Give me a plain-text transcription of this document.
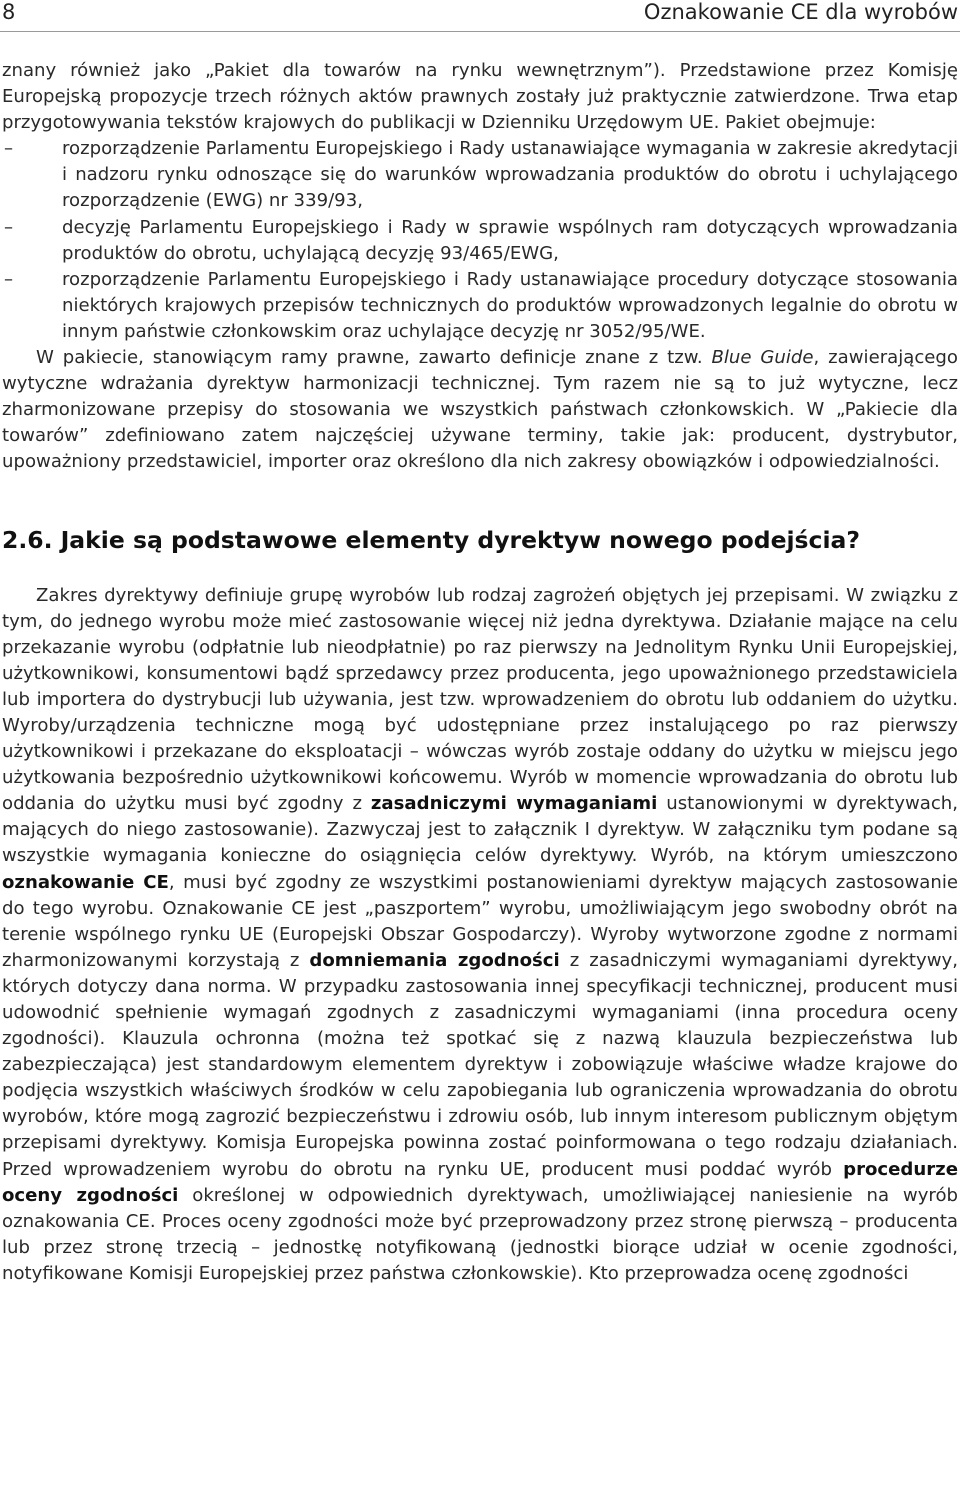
8	Oznakowanie CE dla wyrobów

znany również jako „Pakiet dla towarów na rynku wewnętrznym”). Przedstawione przez Komisję Europejską propozycje trzech różnych aktów prawnych zostały już praktycznie zatwierdzone. Trwa etap przygotowywania tekstów krajowych do publikacji w Dzienniku Urzędowym UE. Pakiet obejmuje:

–	rozporządzenie Parlamentu Europejskiego i Rady ustanawiające wymagania w zakresie akredytacji i nadzoru rynku odnoszące się do warunków wprowadzania produktów do obrotu i uchylającego rozporządzenie (EWG) nr 339/93,
–	decyzję Parlamentu Europejskiego i Rady w sprawie wspólnych ram dotyczących wprowadzania produktów do obrotu, uchylającą decyzję 93/465/EWG,
–	rozporządzenie Parlamentu Europejskiego i Rady ustanawiające procedury dotyczące stosowania niektórych krajowych przepisów technicznych do produktów wprowadzonych legalnie do obrotu w innym państwie członkowskim oraz uchylające decyzję nr 3052/95/WE.

W pakiecie, stanowiącym ramy prawne, zawarto definicje znane z tzw. Blue Guide, zawierającego wytyczne wdrażania dyrektyw harmonizacji technicznej. Tym razem nie są to już wytyczne, lecz zharmonizowane przepisy do stosowania we wszystkich państwach członkowskich. W „Pakiecie dla towarów” zdefiniowano zatem najczęściej używane terminy, takie jak: producent, dystrybutor, upoważniony przedstawiciel, importer oraz określono dla nich zakresy obowiązków i odpowiedzialności.

2.6. Jakie są podstawowe elementy dyrektyw nowego podejścia?

Zakres dyrektywy definiuje grupę wyrobów lub rodzaj zagrożeń objętych jej przepisami. W związku z tym, do jednego wyrobu może mieć zastosowanie więcej niż jedna dyrektywa. Działanie mające na celu przekazanie wyrobu (odpłatnie lub nieodpłatnie) po raz pierwszy na Jednolitym Rynku Unii Europejskiej, użytkownikowi, konsumentowi bądź sprzedawcy przez producenta, jego upoważnionego przedstawiciela lub importera do dystrybucji lub używania, jest tzw. wprowadzeniem do obrotu lub oddaniem do użytku. Wyroby/urządzenia techniczne mogą być udostępniane przez instalującego po raz pierwszy użytkownikowi i przekazane do eksploatacji – wówczas wyrób zostaje oddany do użytku w miejscu jego użytkowania bezpośrednio użytkownikowi końcowemu. Wyrób w momencie wprowadzania do obrotu lub oddania do użytku musi być zgodny z zasadniczymi wymaganiami ustanowionymi w dyrektywach, mających do niego zastosowanie). Zazwyczaj jest to załącznik I dyrektyw. W załączniku tym podane są wszystkie wymagania konieczne do osiągnięcia celów dyrektywy. Wyrób, na którym umieszczono oznakowanie CE, musi być zgodny ze wszystkimi postanowieniami dyrektyw mających zastosowanie do tego wyrobu. Oznakowanie CE jest „paszportem” wyrobu, umożliwiającym jego swobodny obrót na terenie wspólnego rynku UE (Europejski Obszar Gospodarczy). Wyroby wytworzone zgodne z normami zharmonizowanymi korzystają z domniemania zgodności z zasadniczymi wymaganiami dyrektywy, których dotyczy dana norma. W przypadku zastosowania innej specyfikacji technicznej, producent musi udowodnić spełnienie wymagań zgodnych z zasadniczymi wymaganiami (inna procedura oceny zgodności). Klauzula ochronna (można też spotkać się z nazwą klauzula bezpieczeństwa lub zabezpieczająca) jest standardowym elementem dyrektyw i zobowiązuje właściwe władze krajowe do podjęcia wszystkich właściwych środków w celu zapobiegania lub ograniczenia wprowadzania do obrotu wyrobów, które mogą zagrozić bezpieczeństwu i zdrowiu osób, lub innym interesom publicznym objętym przepisami dyrektywy. Komisja Europejska powinna zostać poinformowana o tego rodzaju działaniach. Przed wprowadzeniem wyrobu do obrotu na rynku UE, producent musi poddać wyrób procedurze oceny zgodności określonej w odpowiednich dyrektywach, umożliwiającej naniesienie na wyrób oznakowania CE. Proces oceny zgodności może być przeprowadzony przez stronę pierwszą – producenta lub przez stronę trzecią – jednostkę notyfikowaną (jednostki biorące udział w ocenie zgodności, notyfikowane Komisji Europejskiej przez państwa członkowskie). Kto przeprowadza ocenę zgodności
